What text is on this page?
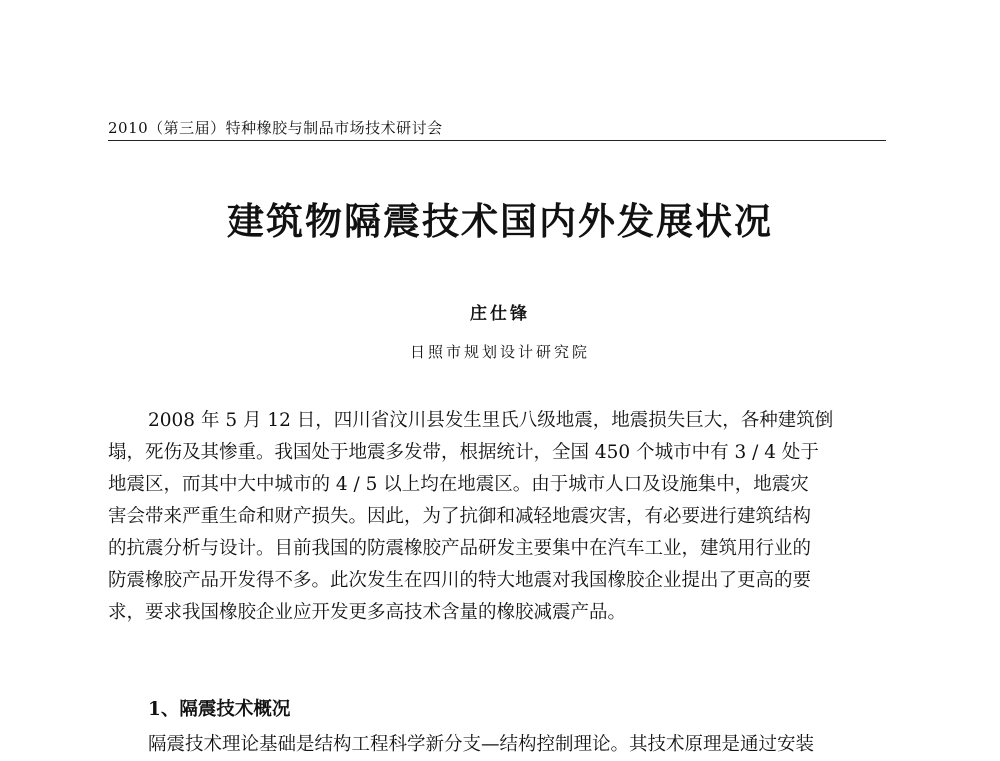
2010（第三届）特种橡胶与制品市场技术研讨会
建筑物隔震技术国内外发展状况
庄仕锋
日照市规划设计研究院
2008 年 5 月 12 日，四川省汶川县发生里氏八级地震，地震损失巨大，各种建筑倒
塌，死伤及其惨重。我国处于地震多发带，根据统计，全国 450 个城市中有 3 / 4 处于
地震区，而其中大中城市的 4 / 5 以上均在地震区。由于城市人口及设施集中，地震灾
害会带来严重生命和财产损失。因此，为了抗御和减轻地震灾害，有必要进行建筑结构
的抗震分析与设计。目前我国的防震橡胶产品研发主要集中在汽车工业，建筑用行业的
防震橡胶产品开发得不多。此次发生在四川的特大地震对我国橡胶企业提出了更高的要
求，要求我国橡胶企业应开发更多高技术含量的橡胶减震产品。
1、隔震技术概况
隔震技术理论基础是结构工程科学新分支—结构控制理论。其技术原理是通过安装
